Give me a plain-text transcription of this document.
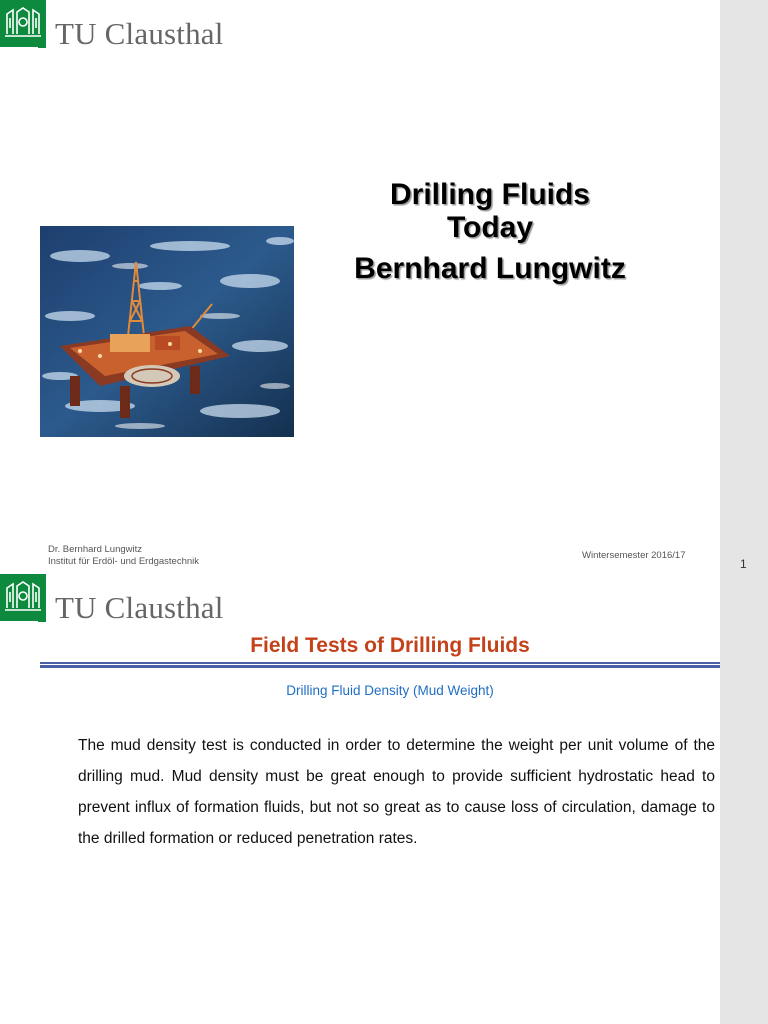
TU Clausthal
Drilling Fluids
Today
Bernhard Lungwitz
Dr. Bernhard Lungwitz
Institut für Erdöl- und Erdgastechnik
Wintersemester 2016/17
TU Clausthal
Field Tests of Drilling Fluids
Drilling Fluid Density (Mud Weight)
The mud density test is conducted in order to determine the weight per unit volume of the drilling mud. Mud density must be great enough to provide sufficient hydrostatic head to prevent influx of formation fluids, but not so great as to cause loss of circulation, damage to the drilled formation or reduced penetration rates.
1
